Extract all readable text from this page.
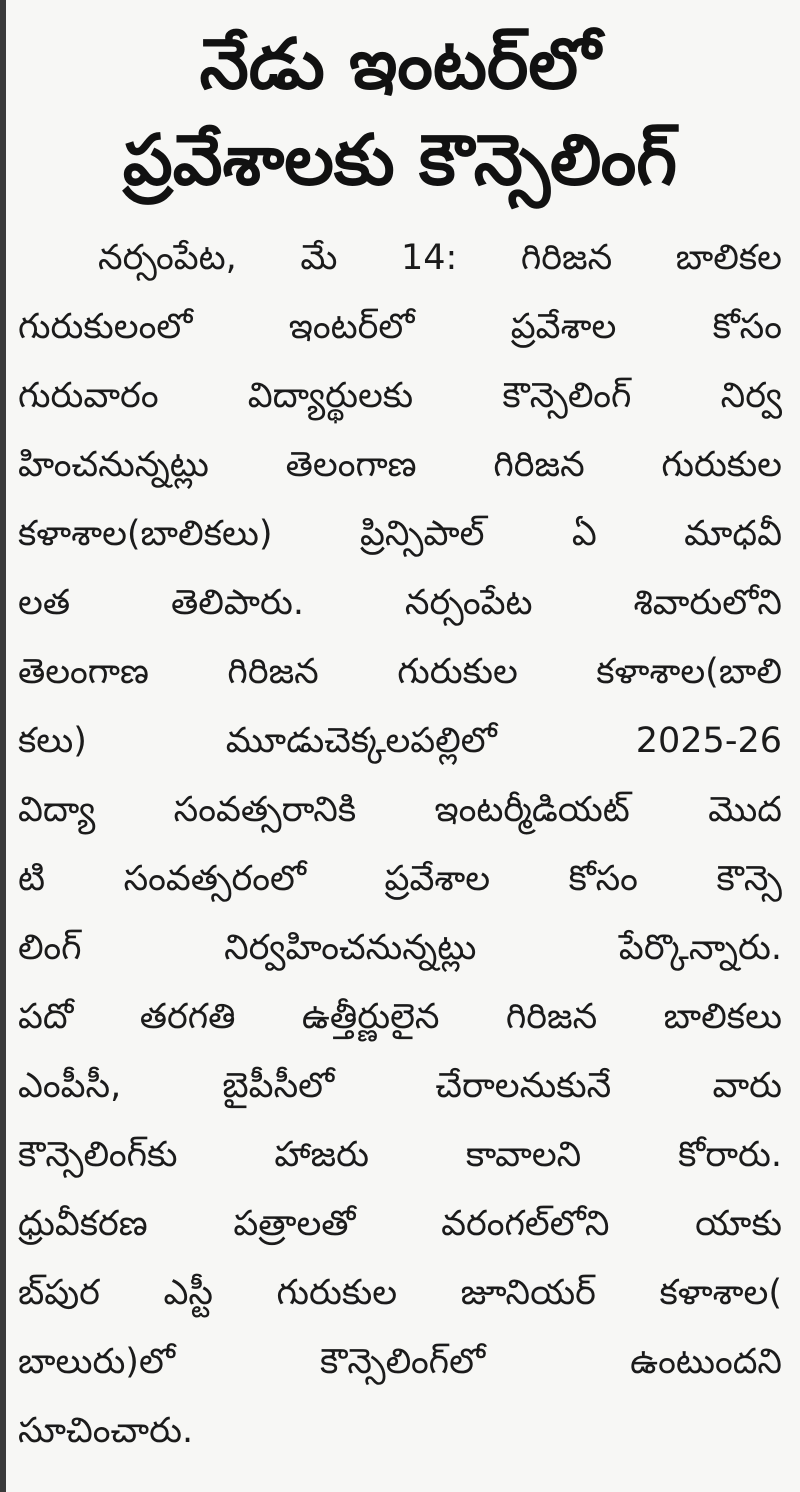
నేడు ఇంటర్‌లో
ప్రవేశాలకు కౌన్సెలింగ్
నర్సంపేట, మే 14: గిరిజన బాలికల
గురుకులంలో ఇంటర్‌లో ప్రవేశాల కోసం
గురువారం విద్యార్థులకు కౌన్సెలింగ్ నిర్వ
హించనున్నట్లు తెలంగాణ గిరిజన గురుకుల
కళాశాల(బాలికలు) ప్రిన్సిపాల్ ఏ మాధవీ
లత తెలిపారు. నర్సంపేట శివారులోని
తెలంగాణ గిరిజన గురుకుల కళాశాల(బాలి
కలు) మూడుచెక్కలపల్లిలో 2025-26
విద్యా సంవత్సరానికి ఇంటర్మీడియట్ మొద
టి సంవత్సరంలో ప్రవేశాల కోసం కౌన్సె
లింగ్ నిర్వహించనున్నట్లు పేర్కొన్నారు.
పదో తరగతి ఉత్తీర్ణులైన గిరిజన బాలికలు
ఎంపీసీ, బైపీసీలో చేరాలనుకునే వారు
కౌన్సెలింగ్‌కు హాజరు కావాలని కోరారు.
ధ్రువీకరణ పత్రాలతో వరంగల్‌లోని యాకు
బ్‌పుర ఎస్టీ గురుకుల జూనియర్ కళాశాల(
బాలురు)లో కౌన్సెలింగ్‌లో ఉంటుందని
సూచించారు.
